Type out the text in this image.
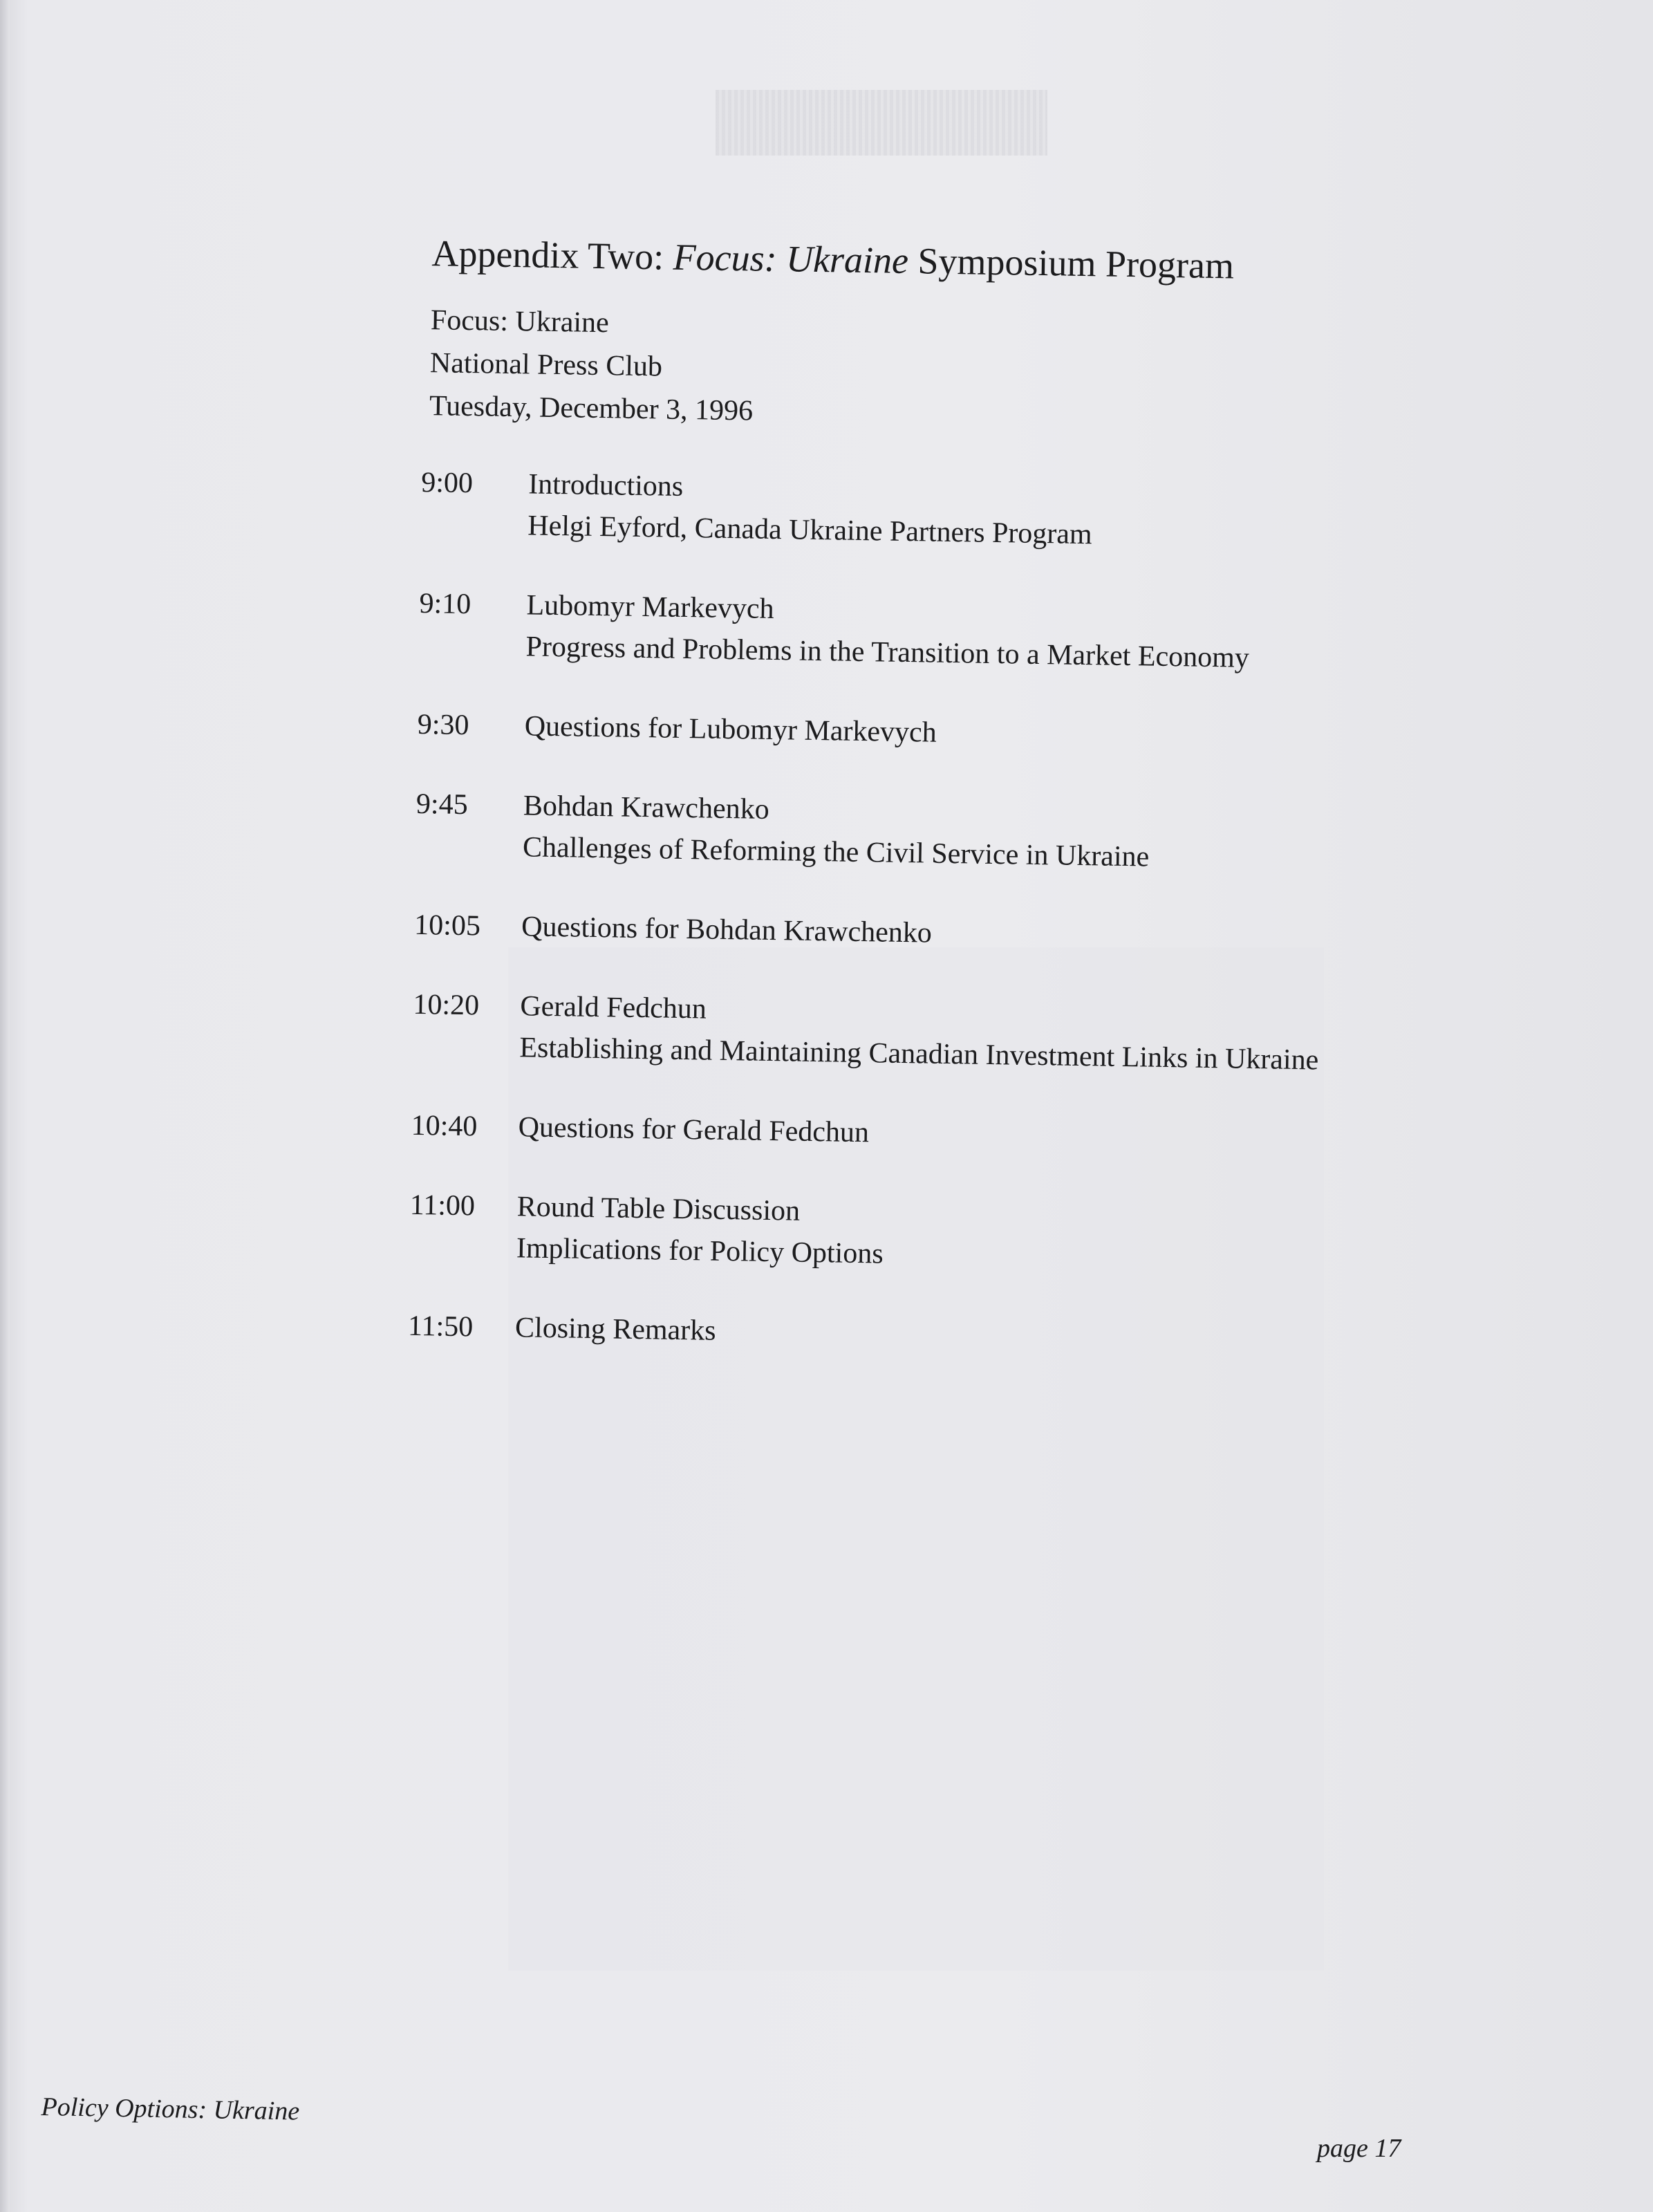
Appendix Two: Focus: Ukraine Symposium Program
Focus: Ukraine
National Press Club
Tuesday, December 3, 1996
9:00	Introductions
Helgi Eyford, Canada Ukraine Partners Program
9:10	Lubomyr Markevych
Progress and Problems in the Transition to a Market Economy
9:30	Questions for Lubomyr Markevych
9:45	Bohdan Krawchenko
Challenges of Reforming the Civil Service in Ukraine
10:05	Questions for Bohdan Krawchenko
10:20	Gerald Fedchun
Establishing and Maintaining Canadian Investment Links in Ukraine
10:40	Questions for Gerald Fedchun
11:00	Round Table Discussion
Implications for Policy Options
11:50	Closing Remarks
Policy Options: Ukraine
page 17
